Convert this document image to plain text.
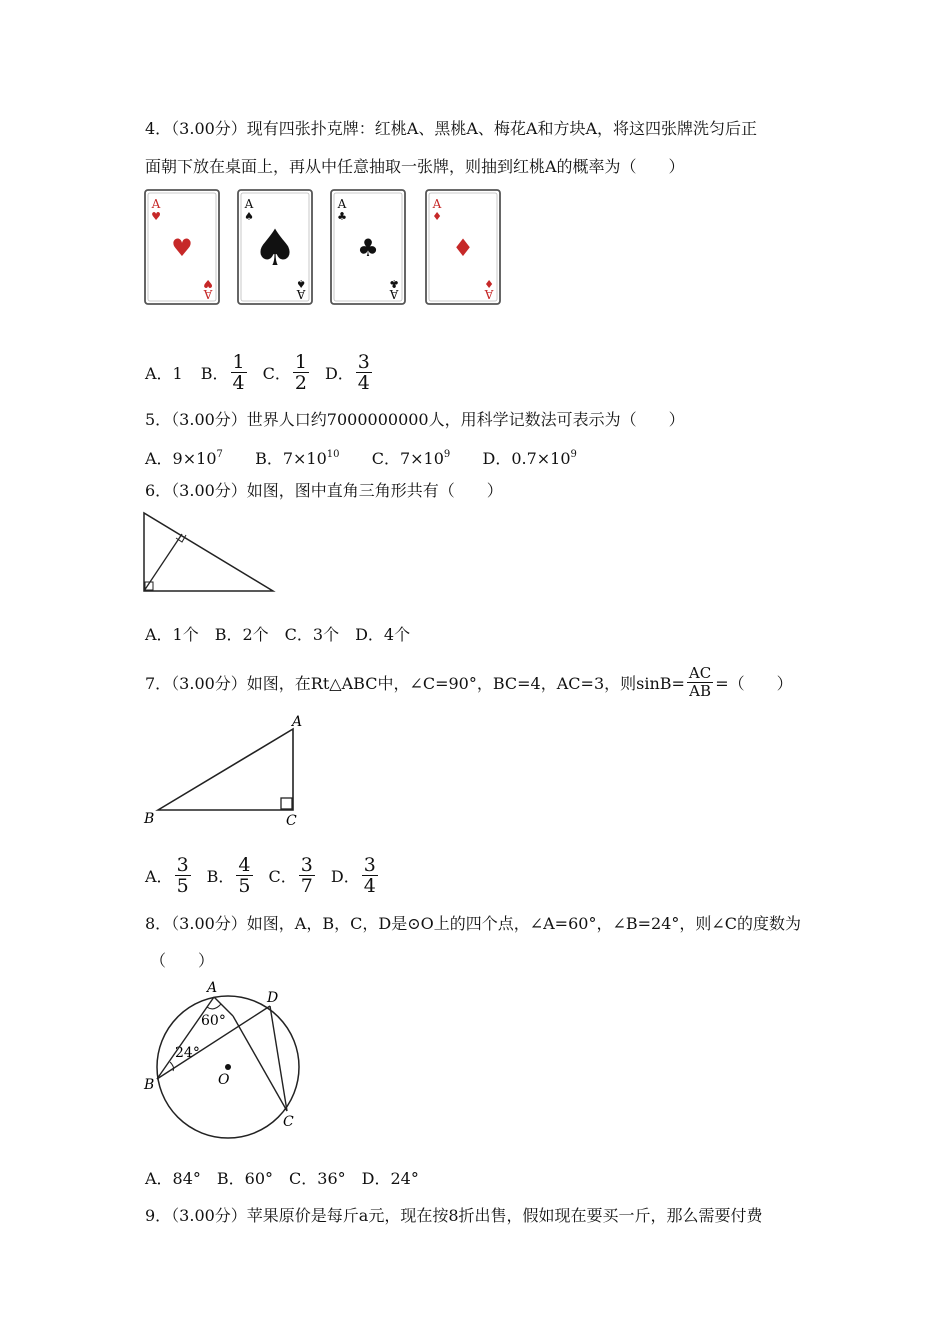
4．（3.00分）现有四张扑克牌：红桃A、黑桃A、梅花A和方块A，将这四张牌洗匀后正
面朝下放在桌面上，再从中任意抽取一张牌，则抽到红桃A的概率为（　　）
A
♥
♥
♥
A
A
♠
♠
♠
A
A
♣
♣
♣
A
A
♦
♦
♦
A
A．1 B． $\frac{1}{4}$ C． $\frac{1}{2}$ D． $\frac{3}{4}$
5．（3.00分）世界人口约7000000000人，用科学记数法可表示为（　　）
A．$9\times 10^7$ B．$7\times 10^{10}$ C．$7\times 10^9$ D．$0.7\times 10^9$
6．（3.00分）如图，图中直角三角形共有（　　）
A．1个　B．2个　C．3个　D．4个
7．（3.00分）如图，在Rt△ABC中，∠C=90°，BC=4，AC=3，则$\sin B= \frac{AC}{AB}$ =（　　）
A
B	C
A． $\frac{3}{5}$ B． $\frac{4}{5}$ C． $\frac{3}{7}$ D． $\frac{3}{4}$
8．（3.00分）如图，A，B，C，D是⊙O上的四个点，∠A=60°，∠B=24°，则∠C的度数为
（　　）
A
B
C
D
O
60°
24°
A．84°　B．60°　C．36°　D．24°
9．（3.00分）苹果原价是每斤a元，现在按8折出售，假如现在要买一斤，那么需要付费
